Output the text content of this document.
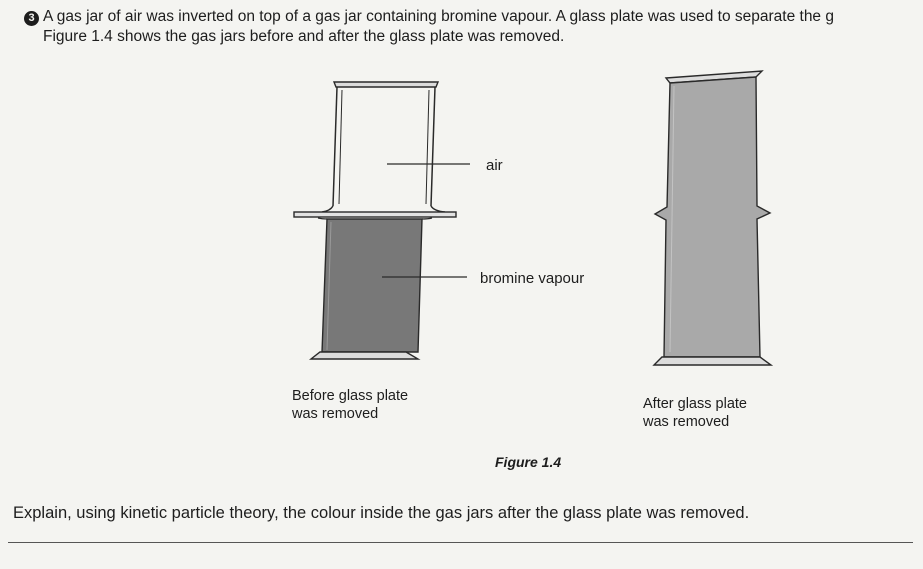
3 A gas jar of air was inverted on top of a gas jar containing bromine vapour. A glass plate was used to separate the g
Figure 1.4 shows the gas jars before and after the glass plate was removed.
air
bromine vapour
Before glass plate
was removed
After glass plate
was removed
Figure 1.4
Explain, using kinetic particle theory, the colour inside the gas jars after the glass plate was removed.
